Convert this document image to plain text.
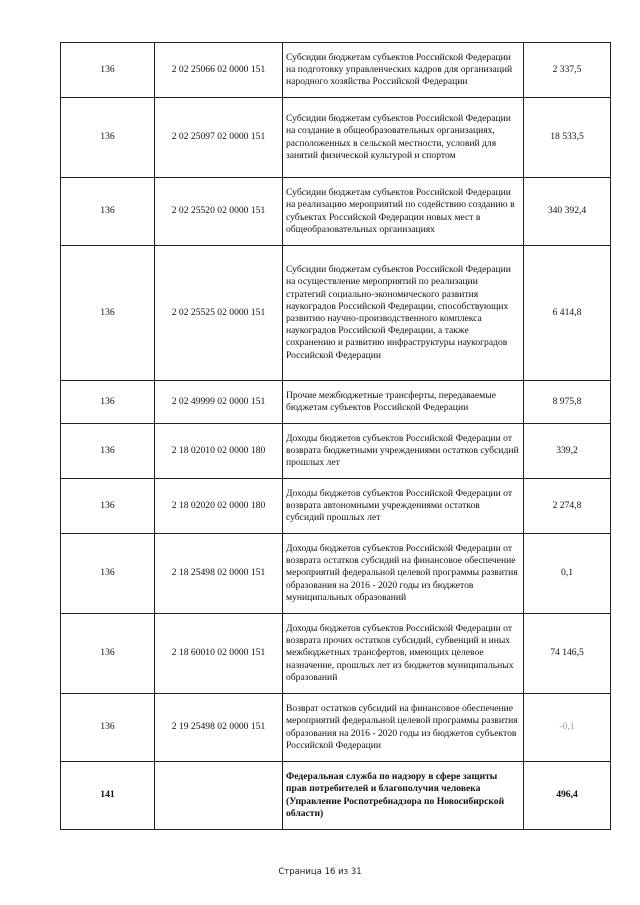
136	2 02 25066 02 0000 151	Субсидии бюджетам субъектов Российской Федерации на подготовку управленческих кадров для организаций народного хозяйства Российской Федерации	2 337,5
136	2 02 25097 02 0000 151	Субсидии бюджетам субъектов Российской Федерации на создание в общеобразовательных организациях, расположенных в сельской местности, условий для занятий физической культурой и спортом	18 533,5
136	2 02 25520 02 0000 151	Субсидии бюджетам субъектов Российской Федерации на реализацию мероприятий по содействию созданию в субъектах Российской Федерации новых мест в общеобразовательных организациях	340 392,4
136	2 02 25525 02 0000 151	Субсидии бюджетам субъектов Российской Федерации на осуществление мероприятий по реализации стратегий социально-экономического развития наукоградов Российской Федерации, способствующих развитию научно-производственного комплекса наукоградов Российской Федерации, а также сохранению и развитию инфраструктуры наукоградов Российской Федерации	6 414,8
136	2 02 49999 02 0000 151	Прочие межбюджетные трансферты, передаваемые бюджетам субъектов Российской Федерации	8 975,8
136	2 18 02010 02 0000 180	Доходы бюджетов субъектов Российской Федерации от возврата бюджетными учреждениями остатков субсидий прошлых лет	339,2
136	2 18 02020 02 0000 180	Доходы бюджетов субъектов Российской Федерации от возврата автономными учреждениями остатков субсидий прошлых лет	2 274,8
136	2 18 25498 02 0000 151	Доходы бюджетов субъектов Российской Федерации от возврата остатков субсидий на финансовое обеспечение мероприятий федеральной целевой программы развития образования на 2016 - 2020 годы из бюджетов муниципальных образований	0,1
136	2 18 60010 02 0000 151	Доходы бюджетов субъектов Российской Федерации от возврата прочих остатков субсидий, субвенций и иных межбюджетных трансфертов, имеющих целевое назначение, прошлых лет из бюджетов муниципальных образований	74 146,5
136	2 19 25498 02 0000 151	Возврат остатков субсидий на финансовое обеспечение мероприятий федеральной целевой программы развития образования на 2016 - 2020 годы из бюджетов субъектов Российской Федерации	-0,1
141		Федеральная служба по надзору в сфере защиты прав потребителей и благополучия человека (Управление Роспотребнадзора по Новосибирской области)	496,4
Страница 16 из 31
